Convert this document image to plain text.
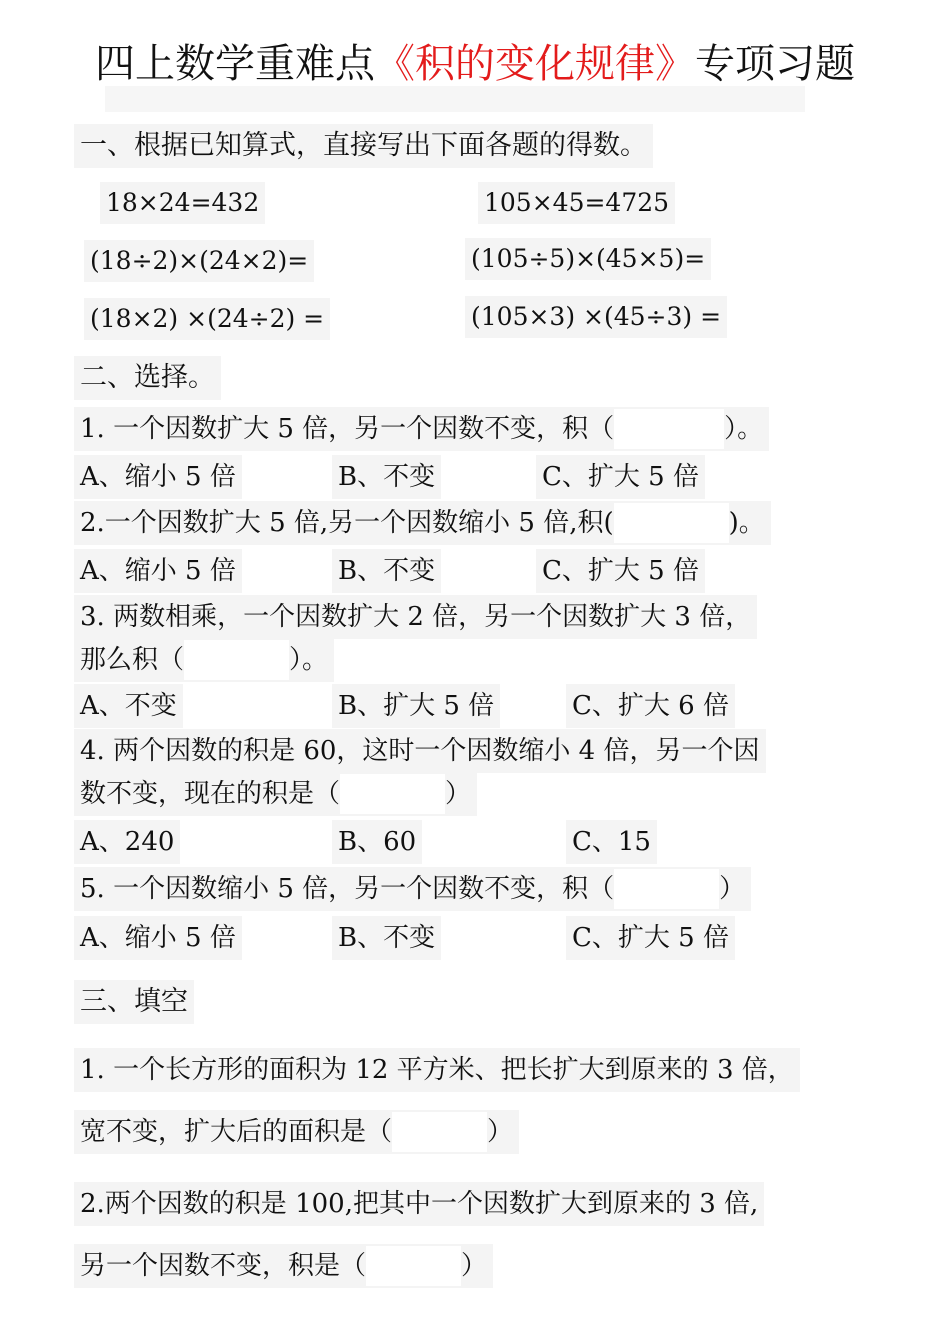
四上数学重难点《积的变化规律》专项习题
一、根据已知算式，直接写出下面各题的得数。
18×24=432	105×45=4725
(18÷2)×(24×2)=	(105÷5)×(45×5)=
(18×2) ×(24÷2) =	(105×3) ×(45÷3) =
二、选择。
1. 一个因数扩大 5 倍，另一个因数不变，积（	）。
A、缩小 5 倍	B、不变	C、扩大 5 倍
2.一个因数扩大 5 倍,另一个因数缩小 5 倍,积(	)。
A、缩小 5 倍	B、不变	C、扩大 5 倍
3. 两数相乘，一个因数扩大 2 倍，另一个因数扩大 3 倍，
那么积（	）。
A、不变	B、扩大 5 倍	C、扩大 6 倍
4. 两个因数的积是 60，这时一个因数缩小 4 倍，另一个因
数不变，现在的积是（	）
A、240	B、60	C、15
5. 一个因数缩小 5 倍，另一个因数不变，积（	）
A、缩小 5 倍	B、不变	C、扩大 5 倍
三、填空
1. 一个长方形的面积为 12 平方米、把长扩大到原来的 3 倍，
宽不变，扩大后的面积是（	）
2.两个因数的积是 100,把其中一个因数扩大到原来的 3 倍,
另一个因数不变，积是（	）
